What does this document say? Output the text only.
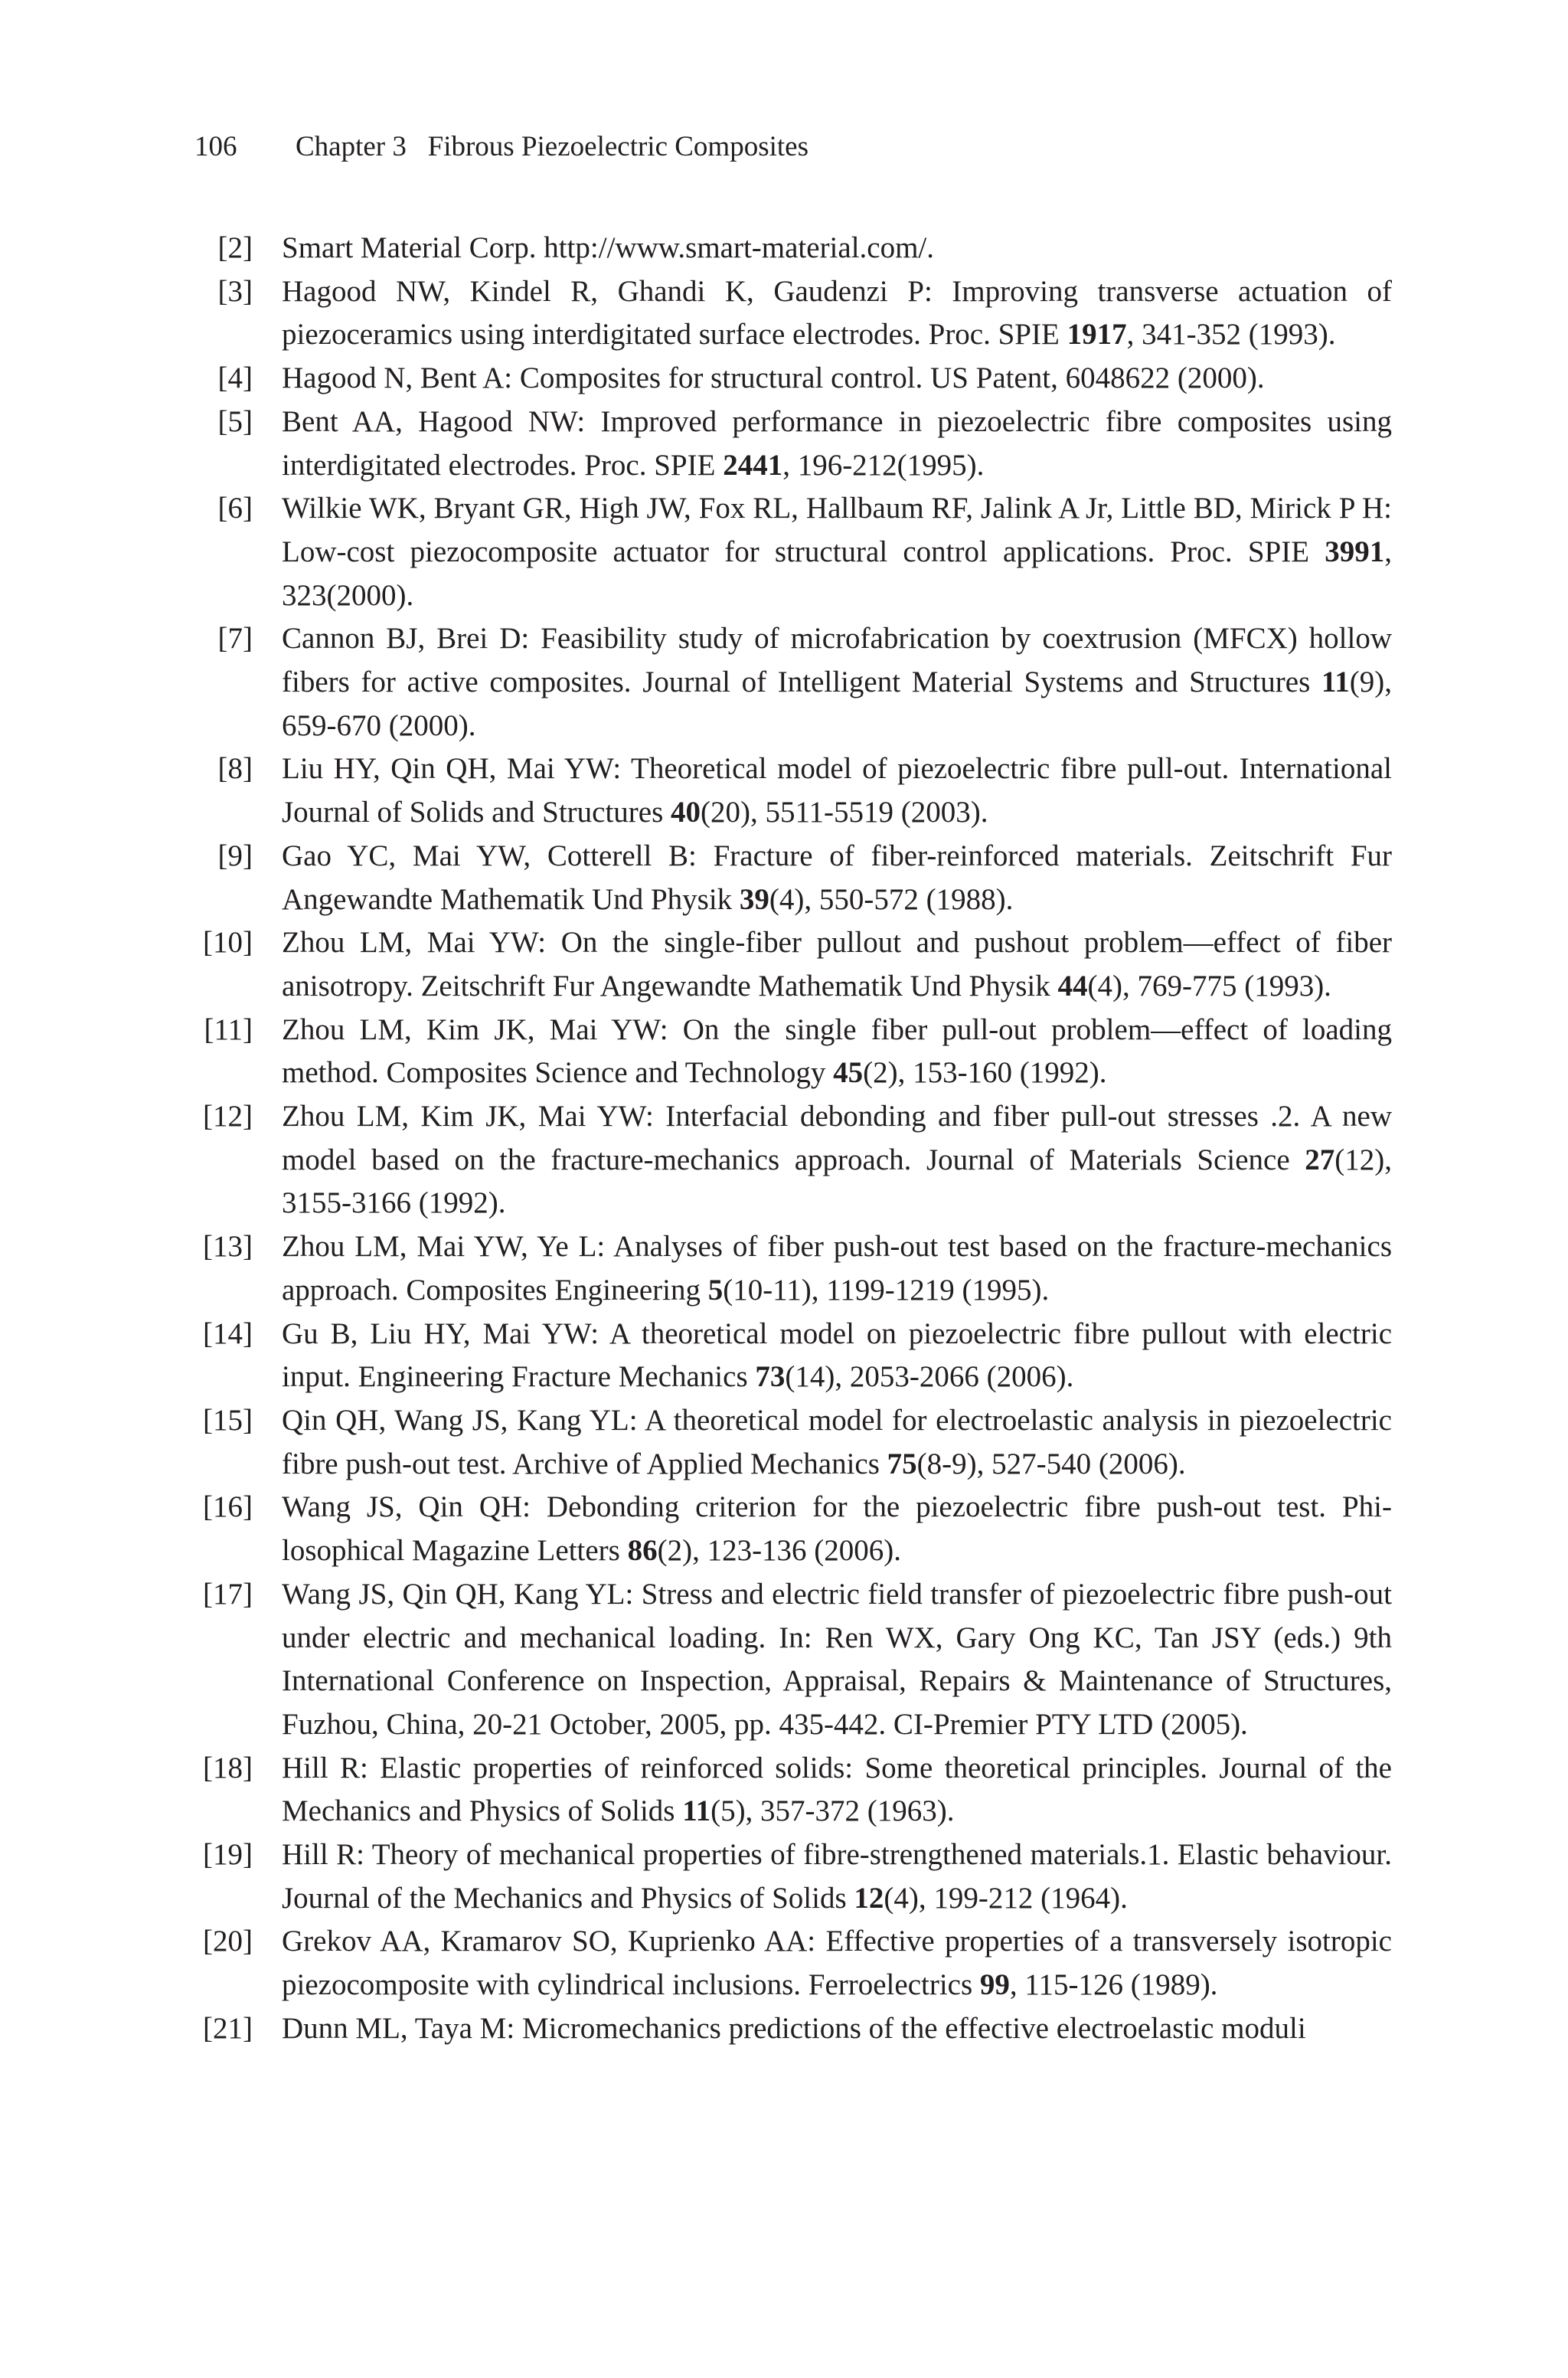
106 Chapter 3 Fibrous Piezoelectric Composites
[2] Smart Material Corp. http://www.smart-material.com/.
[3] Hagood NW, Kindel R, Ghandi K, Gaudenzi P: Improving transverse actuation of piezoceramics using interdigitated surface electrodes. Proc. SPIE 1917, 341-352 (1993).
[4] Hagood N, Bent A: Composites for structural control. US Patent, 6048622 (2000).
[5] Bent AA, Hagood NW: Improved performance in piezoelectric fibre composites using interdigitated electrodes. Proc. SPIE 2441, 196-212(1995).
[6] Wilkie WK, Bryant GR, High JW, Fox RL, Hallbaum RF, Jalink A Jr, Little BD, Mirick P H: Low-cost piezocomposite actuator for structural control applications. Proc. SPIE 3991, 323(2000).
[7] Cannon BJ, Brei D: Feasibility study of microfabrication by coextrusion (MFCX) hollow fibers for active composites. Journal of Intelligent Material Systems and Structures 11(9), 659-670 (2000).
[8] Liu HY, Qin QH, Mai YW: Theoretical model of piezoelectric fibre pull-out. International Journal of Solids and Structures 40(20), 5511-5519 (2003).
[9] Gao YC, Mai YW, Cotterell B: Fracture of fiber-reinforced materials. Zeitschrift Fur Angewandte Mathematik Und Physik 39(4), 550-572 (1988).
[10] Zhou LM, Mai YW: On the single-fiber pullout and pushout problem—effect of fiber anisotropy. Zeitschrift Fur Angewandte Mathematik Und Physik 44(4), 769-775 (1993).
[11] Zhou LM, Kim JK, Mai YW: On the single fiber pull-out problem—effect of loading method. Composites Science and Technology 45(2), 153-160 (1992).
[12] Zhou LM, Kim JK, Mai YW: Interfacial debonding and fiber pull-out stresses .2. A new model based on the fracture-mechanics approach. Journal of Materials Science 27(12), 3155-3166 (1992).
[13] Zhou LM, Mai YW, Ye L: Analyses of fiber push-out test based on the fracture-mechanics approach. Composites Engineering 5(10-11), 1199-1219 (1995).
[14] Gu B, Liu HY, Mai YW: A theoretical model on piezoelectric fibre pullout with electric input. Engineering Fracture Mechanics 73(14), 2053-2066 (2006).
[15] Qin QH, Wang JS, Kang YL: A theoretical model for electroelastic analysis in piezoelectric fibre push-out test. Archive of Applied Mechanics 75(8-9), 527-540 (2006).
[16] Wang JS, Qin QH: Debonding criterion for the piezoelectric fibre push-out test. Philosophical Magazine Letters 86(2), 123-136 (2006).
[17] Wang JS, Qin QH, Kang YL: Stress and electric field transfer of piezoelectric fibre push-out under electric and mechanical loading. In: Ren WX, Gary Ong KC, Tan JSY (eds.) 9th International Conference on Inspection, Appraisal, Repairs & Maintenance of Structures, Fuzhou, China, 20-21 October, 2005, pp. 435-442. CI-Premier PTY LTD (2005).
[18] Hill R: Elastic properties of reinforced solids: Some theoretical principles. Journal of the Mechanics and Physics of Solids 11(5), 357-372 (1963).
[19] Hill R: Theory of mechanical properties of fibre-strengthened materials.1. Elastic behaviour. Journal of the Mechanics and Physics of Solids 12(4), 199-212 (1964).
[20] Grekov AA, Kramarov SO, Kuprienko AA: Effective properties of a transversely isotropic piezocomposite with cylindrical inclusions. Ferroelectrics 99, 115-126 (1989).
[21] Dunn ML, Taya M: Micromechanics predictions of the effective electroelastic moduli
